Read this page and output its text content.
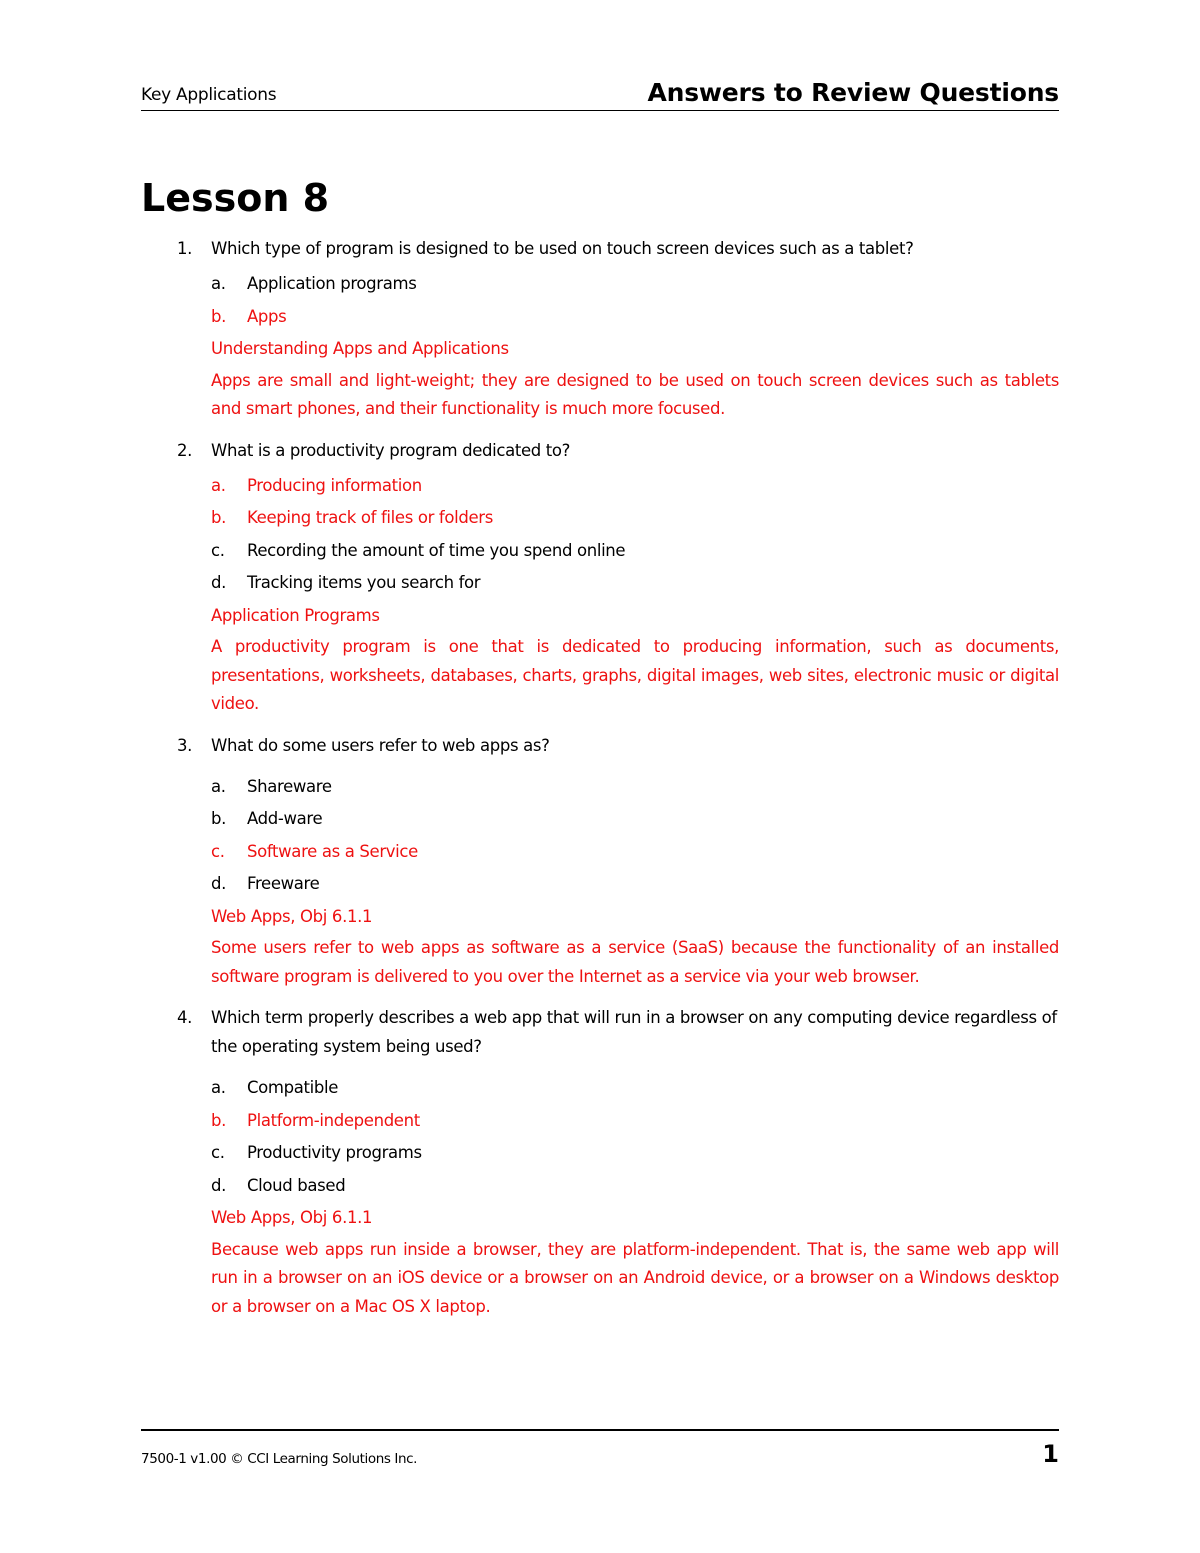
Key Applications	Answers to Review Questions
Lesson 8
1. Which type of program is designed to be used on touch screen devices such as a tablet?
a. Application programs
b. Apps
Understanding Apps and Applications

Apps are small and light-weight; they are designed to be used on touch screen devices such as tablets and smart phones, and their functionality is much more focused.

2. What is a productivity program dedicated to?
a. Producing information
b. Keeping track of files or folders
c. Recording the amount of time you spend online
d. Tracking items you search for
Application Programs

A productivity program is one that is dedicated to producing information, such as documents, presentations, worksheets, databases, charts, graphs, digital images, web sites, electronic music or digital video.

3. What do some users refer to web apps as?
a. Shareware
b. Add-ware
c. Software as a Service
d. Freeware
Web Apps, Obj 6.1.1

Some users refer to web apps as software as a service (SaaS) because the functionality of an installed software program is delivered to you over the Internet as a service via your web browser.

4. Which term properly describes a web app that will run in a browser on any computing device regardless of the operating system being used?
a. Compatible
b. Platform-independent
c. Productivity programs
d. Cloud based
Web Apps, Obj 6.1.1

Because web apps run inside a browser, they are platform-independent. That is, the same web app will run in a browser on an iOS device or a browser on an Android device, or a browser on a Windows desktop or a browser on a Mac OS X laptop.

7500-1 v1.00 © CCI Learning Solutions Inc.	1
